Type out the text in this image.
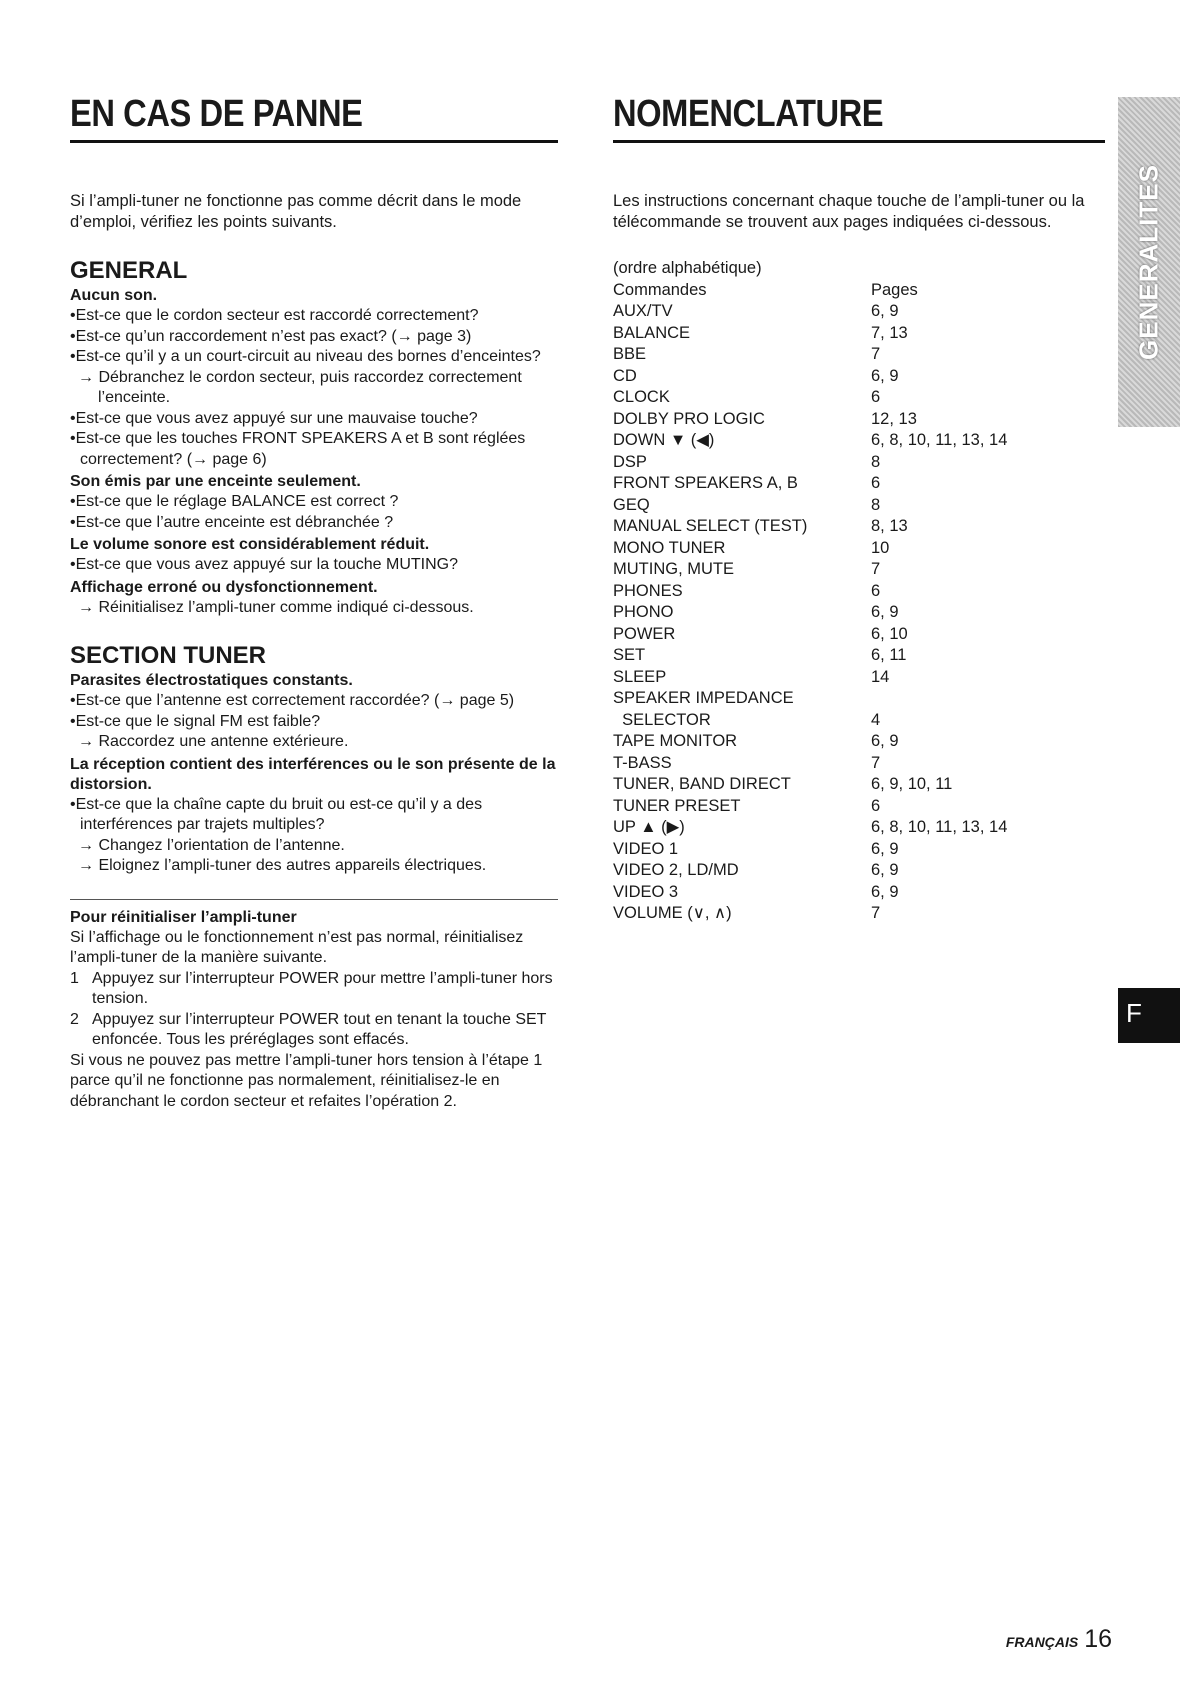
EN CAS DE PANNE
Si l’ampli-tuner ne fonctionne pas comme décrit dans le mode d’emploi, vérifiez les points suivants.
GENERAL
Aucun son.
• Est-ce que le cordon secteur est raccordé correctement?
• Est-ce qu’un raccordement n’est pas exact? (→ page 3)
• Est-ce qu’il y a un court-circuit au niveau des bornes d’enceintes?
→ Débranchez le cordon secteur, puis raccordez correctement l’enceinte.
• Est-ce que vous avez appuyé sur une mauvaise touche?
• Est-ce que les touches FRONT SPEAKERS A et B sont réglées correctement? (→ page 6)
Son émis par une enceinte seulement.
• Est-ce que le réglage BALANCE est correct ?
• Est-ce que l’autre enceinte est débranchée ?
Le volume sonore est considérablement réduit.
• Est-ce que vous avez appuyé sur la touche MUTING?
Affichage erroné ou dysfonctionnement.
→ Réinitialisez l’ampli-tuner comme indiqué ci-dessous.
SECTION TUNER
Parasites électrostatiques constants.
• Est-ce que l’antenne est correctement raccordée? (→ page 5)
• Est-ce que le signal FM est faible?
→ Raccordez une antenne extérieure.
La réception contient des interférences ou le son présente de la distorsion.
• Est-ce que la chaîne capte du bruit ou est-ce qu’il y a des interférences par trajets multiples?
→ Changez l’orientation de l’antenne.
→ Eloignez l’ampli-tuner des autres appareils électriques.
Pour réinitialiser l’ampli-tuner
Si l’affichage ou le fonctionnement n’est pas normal, réinitialisez l’ampli-tuner de la manière suivante.
1 Appuyez sur l’interrupteur POWER pour mettre l’ampli-tuner hors tension.
2 Appuyez sur l’interrupteur POWER tout en tenant la touche SET enfoncée. Tous les préréglages sont effacés.
Si vous ne pouvez pas mettre l’ampli-tuner hors tension à l’étape 1 parce qu’il ne fonctionne pas normalement, réinitialisez-le en débranchant le cordon secteur et refaites l’opération 2.
NOMENCLATURE
Les instructions concernant chaque touche de l’ampli-tuner ou la télécommande se trouvent aux pages indiquées ci-dessous.
(ordre alphabétique)	
Commandes	Pages
AUX/TV	6, 9
BALANCE	7, 13
BBE	7
CD	6, 9
CLOCK	6
DOLBY PRO LOGIC	12, 13
DOWN ▼ (◀)	6, 8, 10, 11, 13, 14
DSP	8
FRONT SPEAKERS A, B	6
GEQ	8
MANUAL SELECT (TEST)	8, 13
MONO TUNER	10
MUTING, MUTE	7
PHONES	6
PHONO	6, 9
POWER	6, 10
SET	6, 11
SLEEP	14
SPEAKER IMPEDANCE	
SELECTOR	4
TAPE MONITOR	6, 9
T-BASS	7
TUNER, BAND DIRECT	6, 9, 10, 11
TUNER PRESET	6
UP ▲ (▶)	6, 8, 10, 11, 13, 14
VIDEO 1	6, 9
VIDEO 2, LD/MD	6, 9
VIDEO 3	6, 9
VOLUME (∨, ∧)	7
GENERALITES
F
FRANÇAIS 16
